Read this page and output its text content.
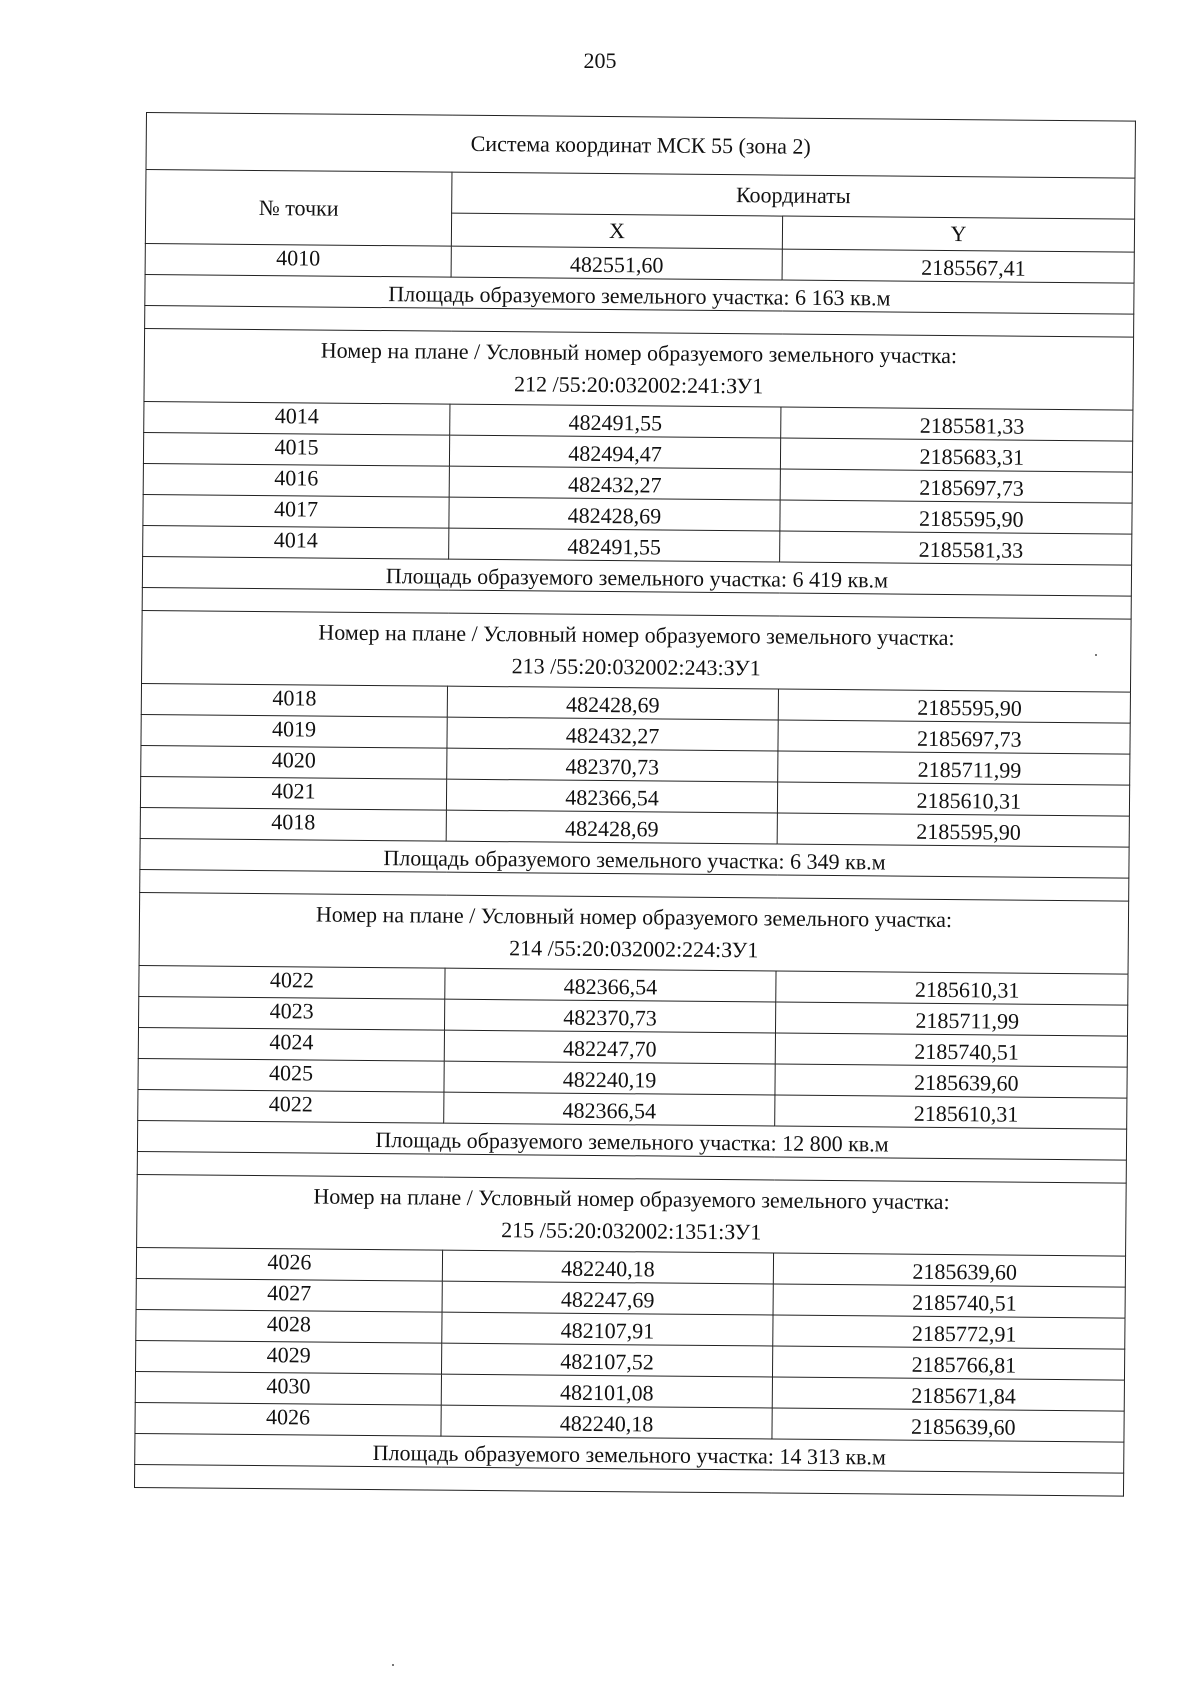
205
Система координат МСК 55 (зона 2)		
№ точки	Координаты	
	X	Y
4010	482551,60	2185567,41
Площадь образуемого земельного участка: 6 163 кв.м		

Номер на плане / Условный номер образуемого земельного участка:
212 /55:20:032002:241:ЗУ1		

4014	482491,55	2185581,33
4015	482494,47	2185683,31
4016	482432,27	2185697,73
4017	482428,69	2185595,90
4014	482491,55	2185581,33
Площадь образуемого земельного участка: 6 419 кв.м		

Номер на плане / Условный номер образуемого земельного участка:
213 /55:20:032002:243:ЗУ1		

4018	482428,69	2185595,90
4019	482432,27	2185697,73
4020	482370,73	2185711,99
4021	482366,54	2185610,31
4018	482428,69	2185595,90
Площадь образуемого земельного участка: 6 349 кв.м		

Номер на плане / Условный номер образуемого земельного участка:
214 /55:20:032002:224:ЗУ1		

4022	482366,54	2185610,31
4023	482370,73	2185711,99
4024	482247,70	2185740,51
4025	482240,19	2185639,60
4022	482366,54	2185610,31
Площадь образуемого земельного участка: 12 800 кв.м		

Номер на плане / Условный номер образуемого земельного участка:
215 /55:20:032002:1351:ЗУ1		

4026	482240,18	2185639,60
4027	482247,69	2185740,51
4028	482107,91	2185772,91
4029	482107,52	2185766,81
4030	482101,08	2185671,84
4026	482240,18	2185639,60
Площадь образуемого земельного участка: 14 313 кв.м		
